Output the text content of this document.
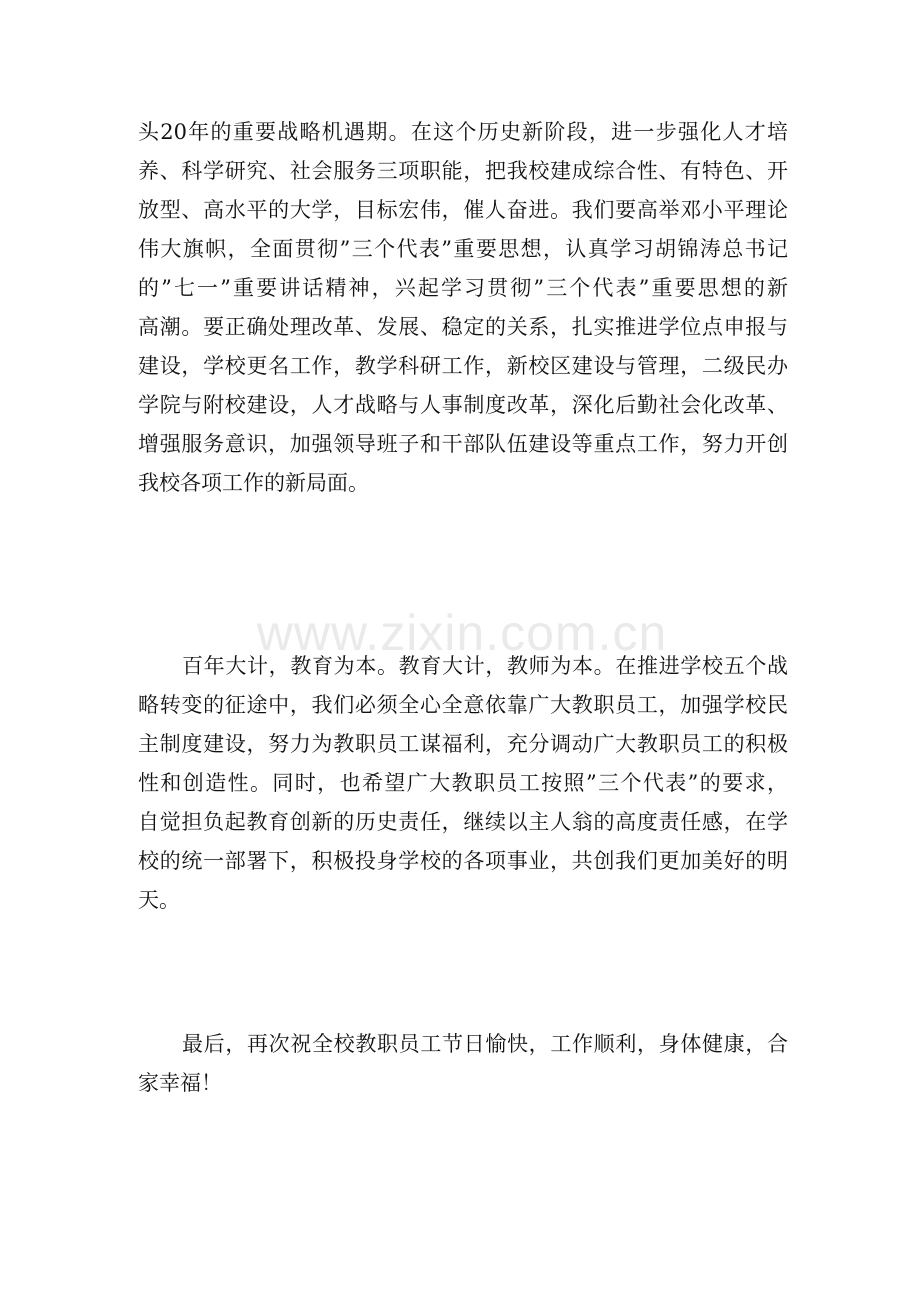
www.zixin.com.cn
头20年的重要战略机遇期。在这个历史新阶段，进一步强化人才培
养、科学研究、社会服务三项职能，把我校建成综合性、有特色、开
放型、高水平的大学，目标宏伟，催人奋进。我们要高举邓小平理论
伟大旗帜，全面贯彻”三个代表”重要思想，认真学习胡锦涛总书记
的”七一”重要讲话精神，兴起学习贯彻”三个代表”重要思想的新
高潮。要正确处理改革、发展、稳定的关系，扎实推进学位点申报与
建设，学校更名工作，教学科研工作，新校区建设与管理，二级民办
学院与附校建设，人才战略与人事制度改革，深化后勤社会化改革、
增强服务意识，加强领导班子和干部队伍建设等重点工作，努力开创
我校各项工作的新局面。
百年大计，教育为本。教育大计，教师为本。在推进学校五个战
略转变的征途中，我们必须全心全意依靠广大教职员工，加强学校民
主制度建设，努力为教职员工谋福利，充分调动广大教职员工的积极
性和创造性。同时，也希望广大教职员工按照”三个代表”的要求，
自觉担负起教育创新的历史责任，继续以主人翁的高度责任感，在学
校的统一部署下，积极投身学校的各项事业，共创我们更加美好的明
天。
最后，再次祝全校教职员工节日愉快，工作顺利，身体健康，合
家幸福！
